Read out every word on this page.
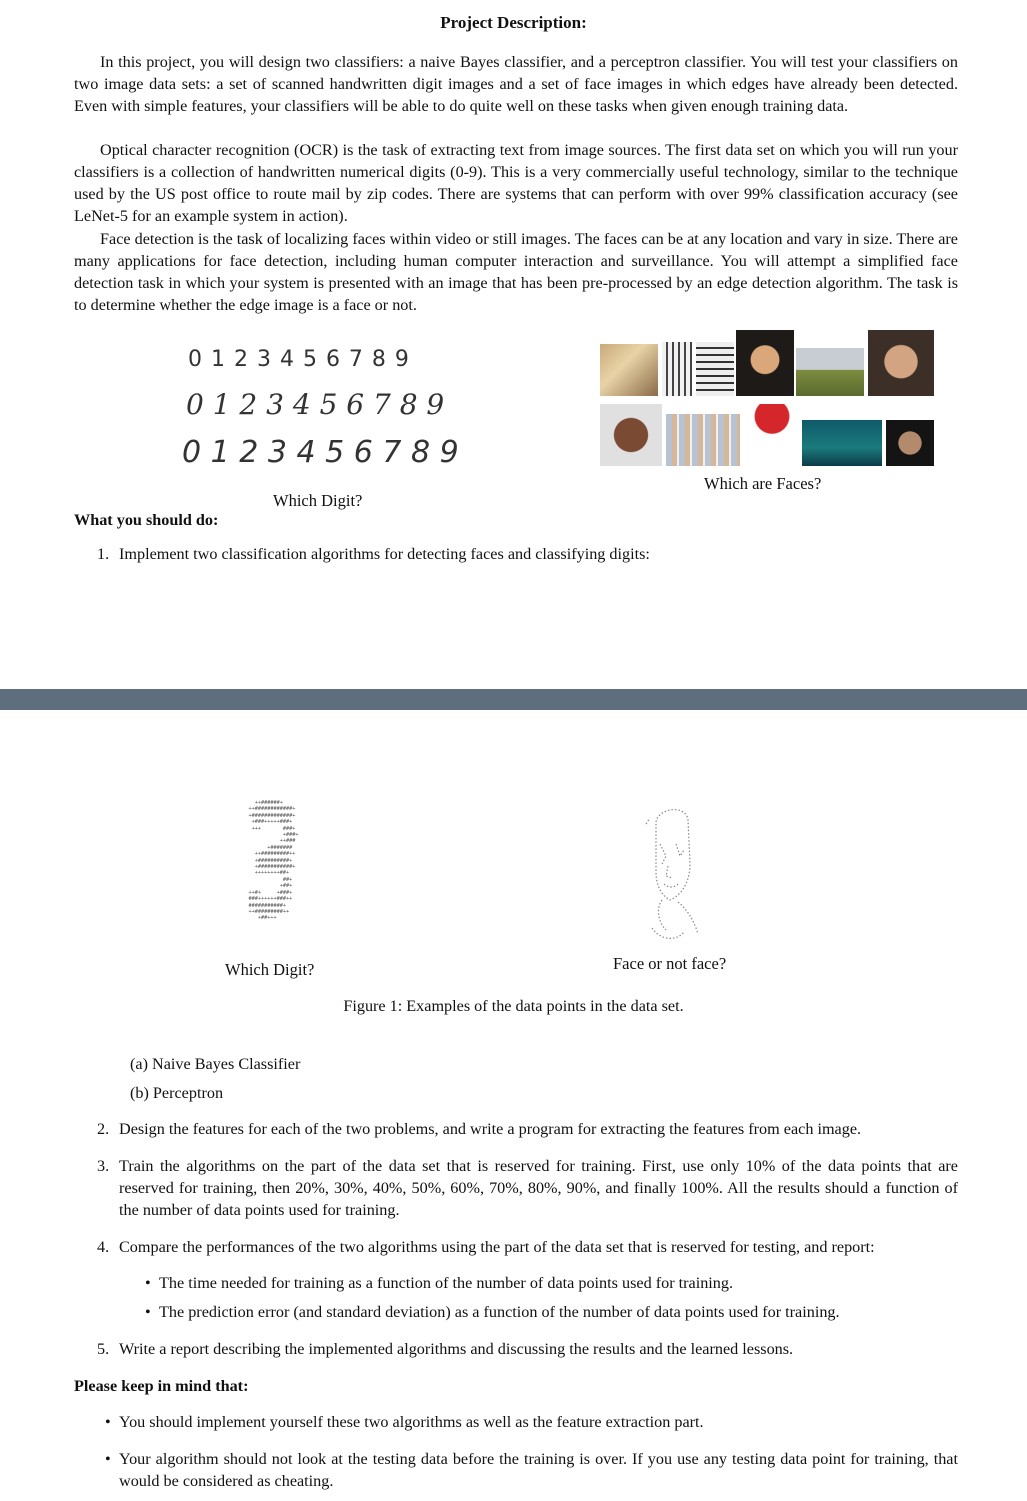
Project Description:
In this project, you will design two classifiers: a naive Bayes classifier, and a perceptron classifier. You will test your classifiers on two image data sets: a set of scanned handwritten digit images and a set of face images in which edges have already been detected. Even with simple features, your classifiers will be able to do quite well on these tasks when given enough training data.
Optical character recognition (OCR) is the task of extracting text from image sources. The first data set on which you will run your classifiers is a collection of handwritten numerical digits (0-9). This is a very commercially useful technology, similar to the technique used by the US post office to route mail by zip codes. There are systems that can perform with over 99% classification accuracy (see LeNet-5 for an example system in action).
Face detection is the task of localizing faces within video or still images. The faces can be at any location and vary in size. There are many applications for face detection, including human computer interaction and surveillance. You will attempt a simplified face detection task in which your system is presented with an image that has been pre-processed by an edge detection algorithm. The task is to determine whether the edge image is a face or not.
0 1 2 3 4 5 6 7 8 9
0 1 2 3 4 5 6 7 8 9
0 1 2 3 4 5 6 7 8 9
Which Digit?
Which are Faces?
What you should do:
1. Implement two classification algorithms for detecting faces and classifying digits:
++######+
++############+
+#############+
+###+++++###+
+++       ###+
+###+
++###
+#######
++#########++
+##########+
+###########+
++++++++##+
##+
+##+
++#+     +###+
###++++++###++
###########+
++#########++
+##+++
Which Digit?	Face or not face?
Figure 1: Examples of the data points in the data set.
(a) Naive Bayes Classifier
(b) Perceptron
2. Design the features for each of the two problems, and write a program for extracting the features from each image.
3. Train the algorithms on the part of the data set that is reserved for training. First, use only 10% of the data points that are reserved for training, then 20%, 30%, 40%, 50%, 60%, 70%, 80%, 90%, and finally 100%. All the results should a function of the number of data points used for training.
4. Compare the performances of the two algorithms using the part of the data set that is reserved for testing, and report:
• The time needed for training as a function of the number of data points used for training.
• The prediction error (and standard deviation) as a function of the number of data points used for training.
5. Write a report describing the implemented algorithms and discussing the results and the learned lessons.
Please keep in mind that:
• You should implement yourself these two algorithms as well as the feature extraction part.
• Your algorithm should not look at the testing data before the training is over. If you use any testing data point for training, that would be considered as cheating.
